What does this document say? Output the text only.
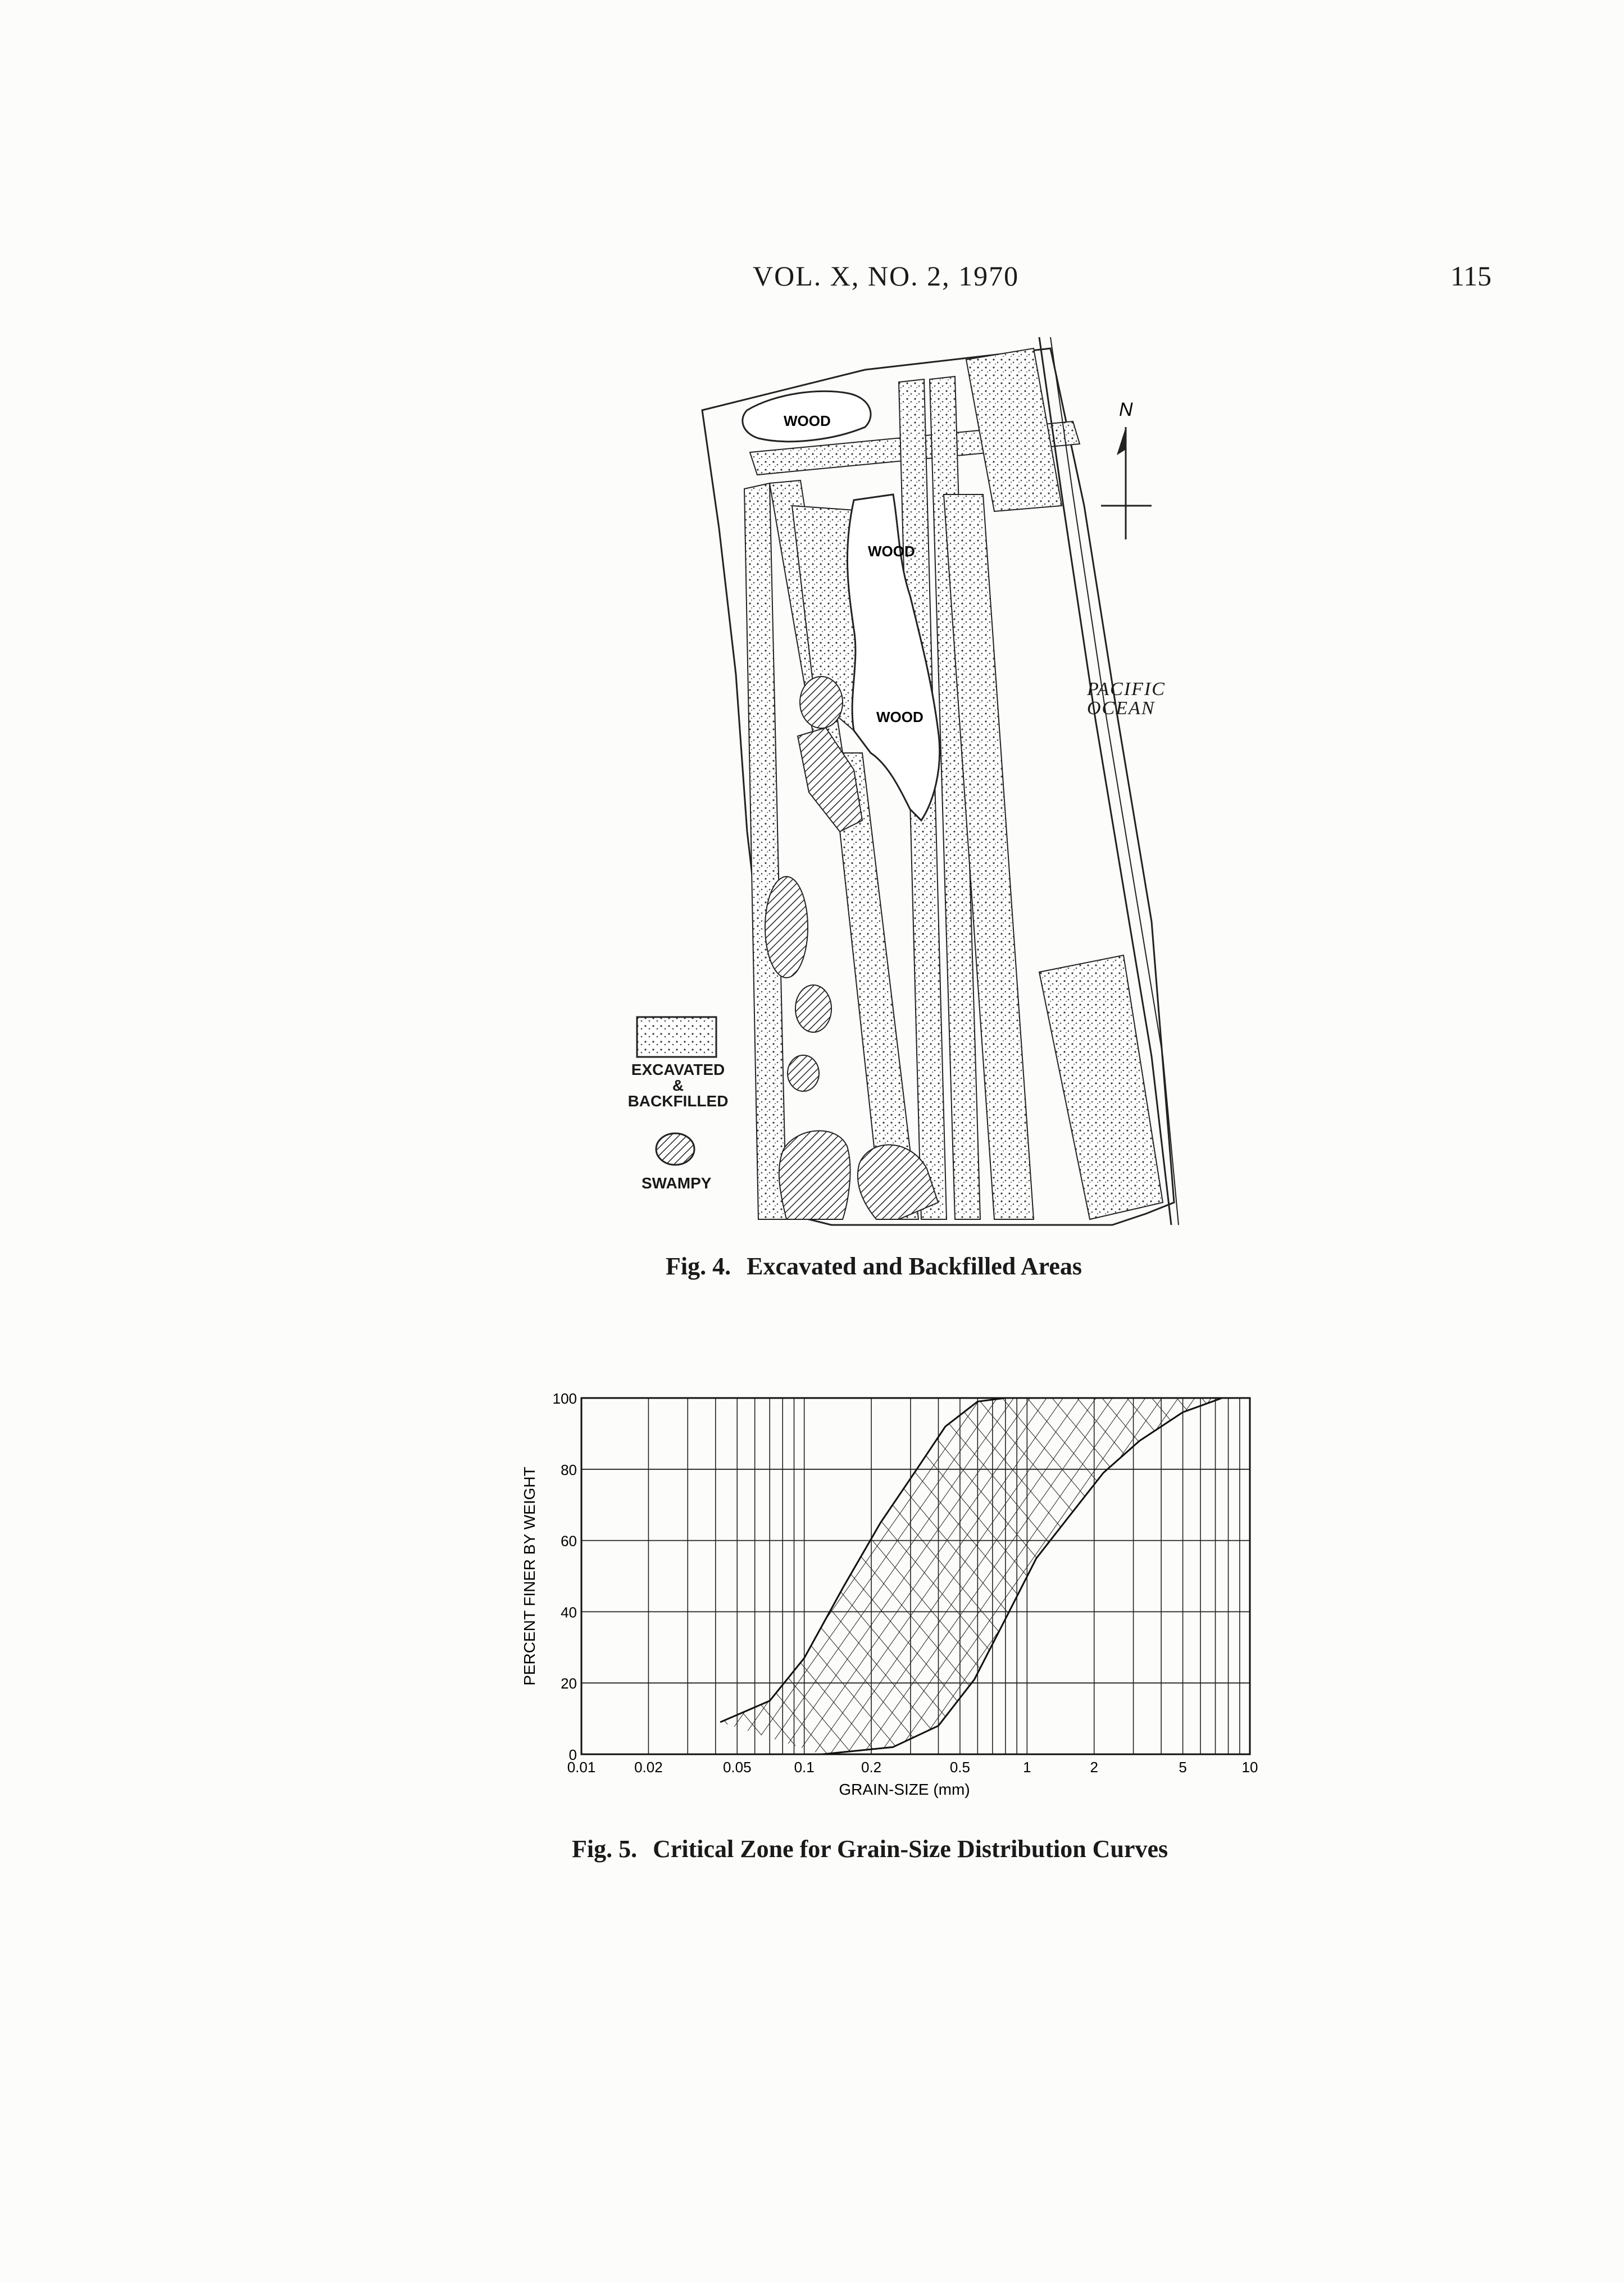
VOL. X, NO. 2, 1970	115
WOOD
WOOD
WOOD
N
PACIFIC
OCEAN
EXCAVATED
&
BACKFILLED
SWAMPY
Fig. 4. Excavated and Backfilled Areas
0
20
40
60
80
100
0.01	0.02	0.05	0.1	0.2	0.5	1	2	5	10
GRAIN-SIZE (mm)
PERCENT FINER BY WEIGHT
Fig. 5. Critical Zone for Grain-Size Distribution Curves
